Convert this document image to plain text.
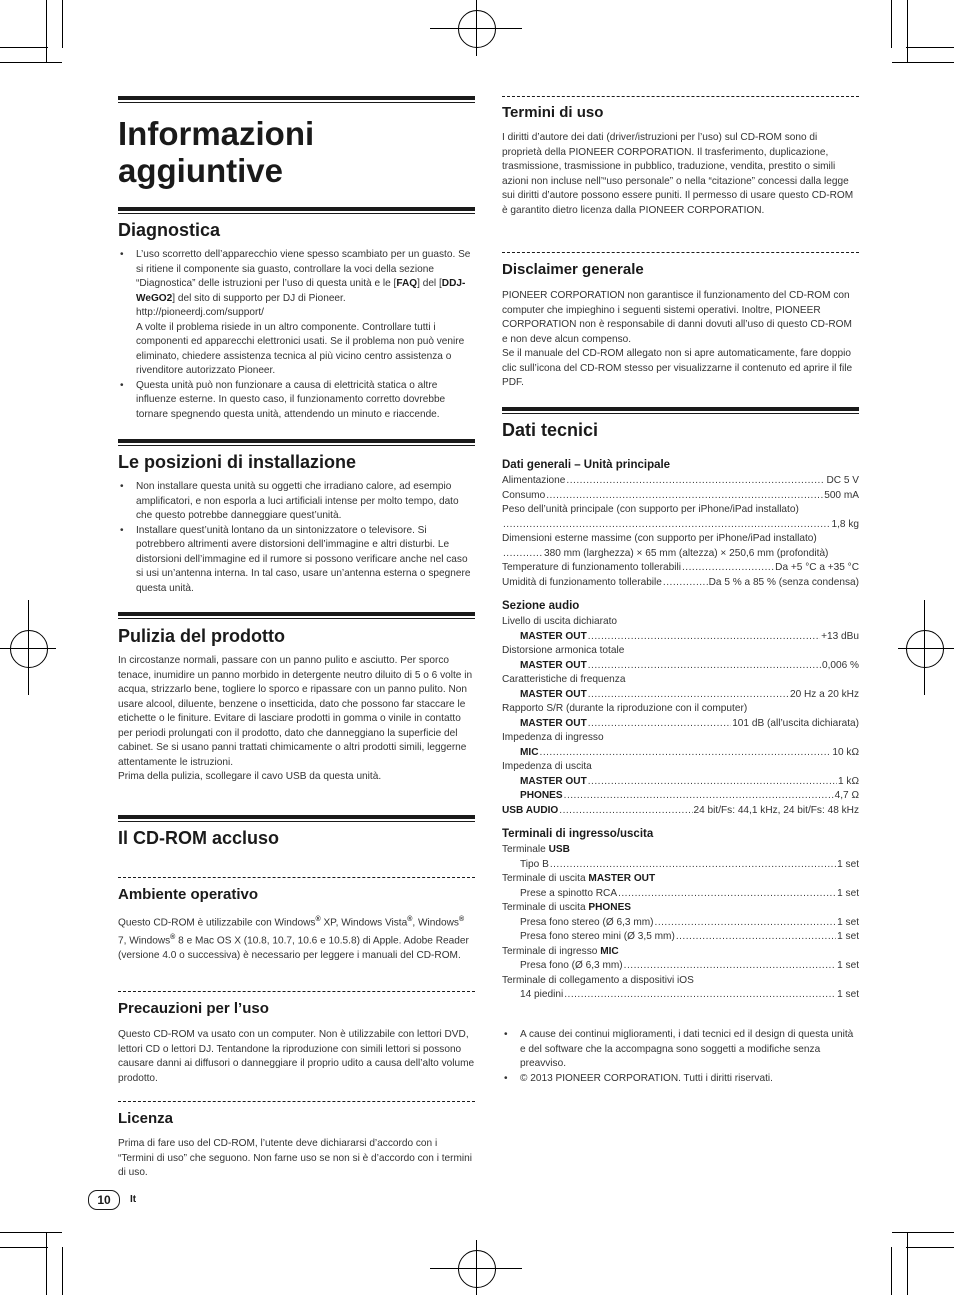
Informazioni
aggiuntive
Diagnostica
• L’uso scorretto dell’apparecchio viene spesso scambiato per un guasto. Se si ritiene il componente sia guasto, controllare la voci della sezione “Diagnostica” delle istruzioni per l’uso di questa unità e le [FAQ] del [DDJ-WeGO2] del sito di supporto per DJ di Pioneer.
http://pioneerdj.com/support/
A volte il problema risiede in un altro componente. Controllare tutti i componenti ed apparecchi elettronici usati. Se il problema non può venire eliminato, chiedere assistenza tecnica al più vicino centro assistenza o rivenditore autorizzato Pioneer.
• Questa unità può non funzionare a causa di elettricità statica o altre influenze esterne. In questo caso, il funzionamento corretto dovrebbe tornare spegnendo questa unità, attendendo un minuto e riaccende.
Le posizioni di installazione
• Non installare questa unità su oggetti che irradiano calore, ad esempio amplificatori, e non esporla a luci artificiali intense per molto tempo, dato che questo potrebbe danneggiare quest’unità.
• Installare quest’unità lontano da un sintonizzatore o televisore. Si potrebbero altrimenti avere distorsioni dell’immagine e altri disturbi. Le distorsioni dell’immagine ed il rumore si possono verificare anche nel caso si usi un’antenna interna. In tal caso, usare un’antenna esterna o spegnere questa unità.
Pulizia del prodotto

In circostanze normali, passare con un panno pulito e asciutto. Per sporco tenace, inumidire un panno morbido in detergente neutro diluito di 5 o 6 volte in acqua, strizzarlo bene, togliere lo sporco e ripassare con un panno pulito. Non usare alcool, diluente, benzene o insetticida, dato che possono far staccare le etichette o le finiture. Evitare di lasciare prodotti in gomma o vinile in contatto per periodi prolungati con il prodotto, dato che danneggiano la superficie del cabinet. Se si usano panni trattati chimicamente o altri prodotti simili, leggerne attentamente le istruzioni.
Prima della pulizia, scollegare il cavo USB da questa unità.

Il CD-ROM accluso
Ambiente operativo

Questo CD-ROM è utilizzabile con Windows® XP, Windows Vista®, Windows® 7, Windows® 8 e Mac OS X (10.8, 10.7, 10.6 e 10.5.8) di Apple. Adobe Reader (versione 4.0 o successiva) è necessario per leggere i manuali del CD-ROM.

Precauzioni per l’uso

Questo CD-ROM va usato con un computer. Non è utilizzabile con lettori DVD, lettori CD o lettori DJ. Tentandone la riproduzione con simili lettori si possono causare danni ai diffusori o danneggiare il proprio udito a causa dell’alto volume prodotto.

Licenza

Prima di fare uso del CD-ROM, l’utente deve dichiararsi d’accordo con i “Termini di uso” che seguono. Non farne uso se non si è d’accordo con i termini di uso.

10	It
Termini di uso

I diritti d’autore dei dati (driver/istruzioni per l’uso) sul CD-ROM sono di proprietà della PIONEER CORPORATION. Il trasferimento, duplicazione, trasmissione, trasmissione in pubblico, traduzione, vendita, prestito o simili azioni non incluse nell’“uso personale” o nella “citazione” concessi dalla legge sui diritti d’autore possono essere puniti. Il permesso di usare questo CD-ROM è garantito dietro licenza dalla PIONEER CORPORATION.

Disclaimer generale

PIONEER CORPORATION non garantisce il funzionamento del CD-ROM con computer che impieghino i seguenti sistemi operativi. Inoltre, PIONEER CORPORATION non è responsabile di danni dovuti all’uso di questo CD-ROM e non deve alcun compenso.
Se il manuale del CD-ROM allegato non si apre automaticamente, fare doppio clic sull’icona del CD-ROM stesso per visualizzarne il contenuto ed aprire il file PDF.

Dati tecnici
Dati generali – Unità principale
Alimentazione .....	DC 5 V
Consumo .....	500 mA
Peso dell’unità principale (con supporto per iPhone/iPad installato)
.....
1,8 kg
Dimensioni esterne massime (con supporto per iPhone/iPad installato)
.....
380 mm (larghezza) × 65 mm (altezza) × 250,6 mm (profondità)
Temperature di funzionamento tollerabili .....	Da +5 °C a +35 °C
Umidità di funzionamento tollerabile .....	Da 5 % a 85 % (senza condensa)
Sezione audio
Livello di uscita dichiarato
MASTER OUT .....	+13 dBu
Distorsione armonica totale
MASTER OUT .....	0,006 %
Caratteristiche di frequenza
MASTER OUT .....	20 Hz a 20 kHz
Rapporto S/R (durante la riproduzione con il computer)
MASTER OUT .....	101 dB (all’uscita dichiarata)
Impedenza di ingresso
MIC .....	10 kΩ
Impedenza di uscita
MASTER OUT .....	1 kΩ
PHONES .....	4,7 Ω
USB AUDIO .....	24 bit/Fs: 44,1 kHz, 24 bit/Fs: 48 kHz
Terminali di ingresso/uscita
Terminale USB
Tipo B .....	1 set
Terminale di uscita MASTER OUT
Prese a spinotto RCA .....	1 set
Terminale di uscita PHONES
Presa fono stereo (Ø 6,3 mm) .....	1 set
Presa fono stereo mini (Ø 3,5 mm) .....	1 set
Terminale di ingresso MIC
Presa fono (Ø 6,3 mm) .....	1 set
Terminale di collegamento a dispositivi iOS
14 piedini .....	1 set
• A cause dei continui miglioramenti, i dati tecnici ed il design di questa unità e del software che la accompagna sono soggetti a modifiche senza preavviso.
• © 2013 PIONEER CORPORATION. Tutti i diritti riservati.
